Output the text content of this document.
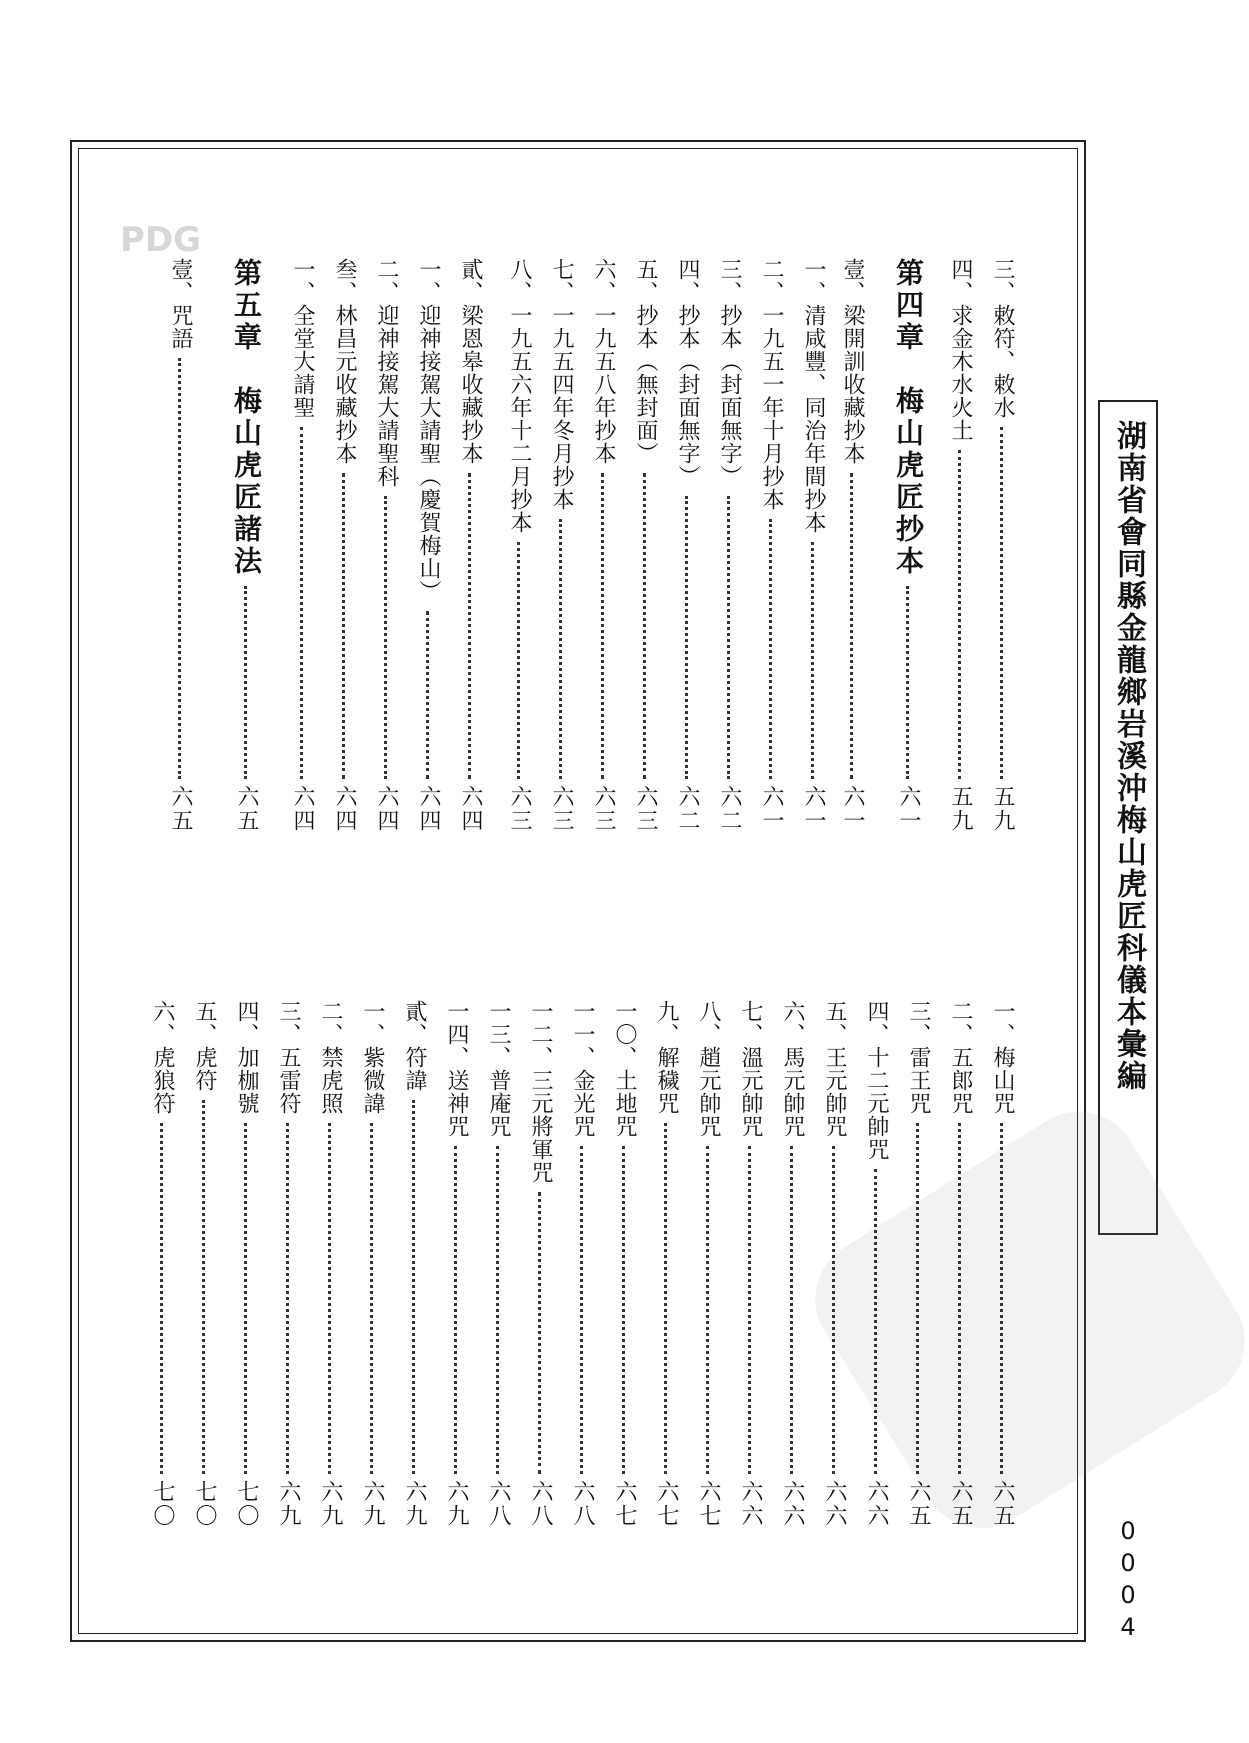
湖南省會同縣金龍鄉岩溪沖梅山虎匠科儀本彙編
PDG
0
0
0
4
三、敕符、敕水
五九
四、求金木水火土
五九
第四章　梅山虎匠抄本
六一
壹、梁開訓收藏抄本
六一
一、清咸豐、同治年間抄本
六一
二、一九五一年十月抄本
六一
三、抄本（封面無字）
六二
四、抄本（封面無字）
六二
五、抄本（無封面）
六三
六、一九五八年抄本
六三
七、一九五四年冬月抄本
六三
八、一九五六年十二月抄本
六三
貳、梁恩皋收藏抄本
六四
一、迎神接駕大請聖（慶賀梅山）
六四
二、迎神接駕大請聖科
六四
叁、林昌元收藏抄本
六四
一、全堂大請聖
六四
第五章　梅山虎匠諸法
六五
壹、咒語
六五
一、梅山咒
六五
二、五郎咒
六五
三、雷王咒
六五
四、十二元帥咒
六六
五、王元帥咒
六六
六、馬元帥咒
六六
七、溫元帥咒
六六
八、趙元帥咒
六七
九、解穢咒
六七
一〇、土地咒
六七
一一、金光咒
六八
一二、三元將軍咒
六八
一三、普庵咒
六八
一四、送神咒
六九
貳、符諱
六九
一、紫微諱
六九
二、禁虎照
六九
三、五雷符
六九
四、加枷號
七〇
五、虎符
七〇
六、虎狼符
七〇
